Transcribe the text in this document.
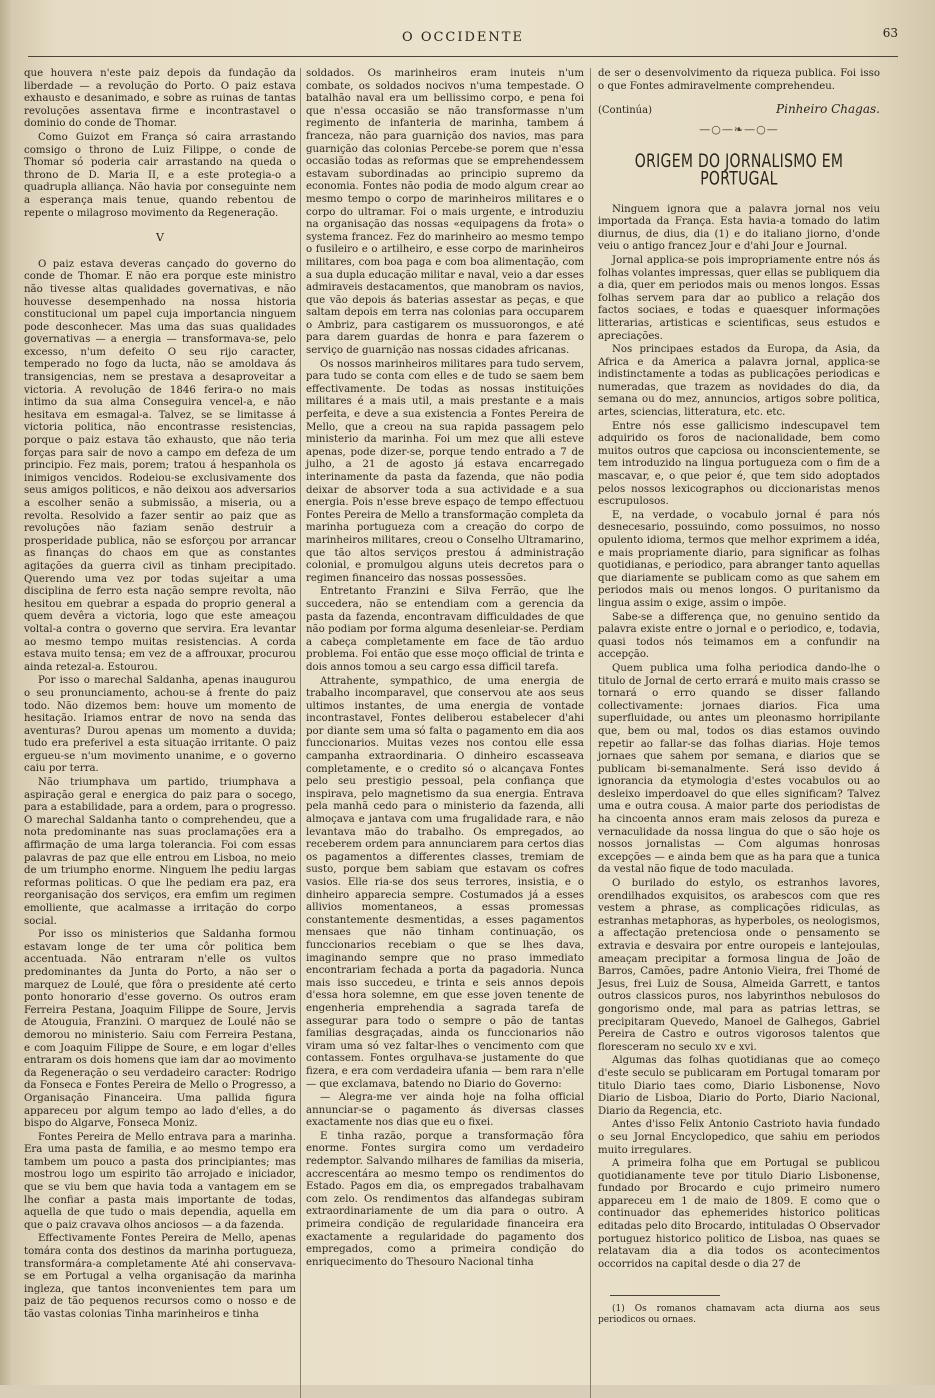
O OCCIDENTE	63

que houvera n'este paiz depois da fundação da liberdade — a revolução do Porto. O paiz estava exhausto e desanimado, e sobre as ruinas de tantas revoluções assentava firme e incontrastavel o dominio do conde de Thomar.

Como Guizot em França só caira arrastando comsigo o throno de Luiz Filippe, o conde de Thomar só poderia cair arrastando na queda o throno de D. Maria II, e a este protegia-o a quadrupla alliança. Não havia por conseguinte nem a esperança mais tenue, quando rebentou de repente o milagroso movimento da Regeneração.

V

O paiz estava deveras cançado do governo do conde de Thomar. E não era porque este ministro não tivesse altas qualidades governativas, e não houvesse desempenhado na nossa historia constitucional um papel cuja importancia ninguem pode desconhecer. Mas uma das suas qualidades governativas — a energia — transformava-se, pelo excesso, n'um defeito O seu rijo caracter, temperado no fogo da lucta, não se amoldava ás transigencias, nem se prestava a desaproveitar a victoria. A revolução de 1846 ferira-o no mais intimo da sua alma Conseguira vencel-a, e não hesitava em esmagal-a. Talvez, se se limitasse á victoria politica, não encontrasse resistencias, porque o paiz estava tão exhausto, que não teria forças para sair de novo a campo em defeza de um principio. Fez mais, porem; tratou á hespanhola os inimigos vencidos. Rodeiou-se exclusivamente dos seus amigos politicos, e não deixou aos adversarios a escolher senão a submissão, a miseria, ou a revolta. Resolvido a fazer sentir ao paiz que as revoluções não faziam senão destruir a prosperidade publica, não se esforçou por arrancar as finanças do chaos em que as constantes agitações da guerra civil as tinham precipitado. Querendo uma vez por todas sujeitar a uma disciplina de ferro esta nação sempre revolta, não hesitou em quebrar a espada do proprio general a quem devêra a victoria, logo que este ameaçou voltal-a contra o governo que servira. Era levantar ao mesmo tempo muitas resistencias. A corda estava muito tensa; em vez de a affrouxar, procurou ainda retezal-a. Estourou.

Por isso o marechal Saldanha, apenas inaugurou o seu pronunciamento, achou-se á frente do paiz todo. Não dizemos bem: houve um momento de hesitação. Iriamos entrar de novo na senda das aventuras? Durou apenas um momento a duvida; tudo era preferivel a esta situação irritante. O paiz ergueu-se n'um movimento unanime, e o governo caiu por terra.

Não triumphava um partido, triumphava a aspiração geral e energica do paiz para o socego, para a estabilidade, para a ordem, para o progresso. O marechal Saldanha tanto o comprehendeu, que a nota predominante nas suas proclamações era a affirmação de uma larga tolerancia. Foi com essas palavras de paz que elle entrou em Lisboa, no meio de um triumpho enorme. Ninguem lhe pediu largas reformas politicas. O que lhe pediam era paz, era reorganisação dos serviços, era emfim um regimen emolliente, que acalmasse a irritação do corpo social.

Por isso os ministerios que Saldanha formou estavam longe de ter uma côr politica bem accentuada. Não entraram n'elle os vultos predominantes da Junta do Porto, a não ser o marquez de Loulé, que fôra o presidente até certo ponto honorario d'esse governo. Os outros eram Ferreira Pestana, Joaquim Filippe de Soure, Jervis de Atouguia, Franzini. O marquez de Loulé não se demorou no ministerio. Saiu com Ferreira Pestana, e com Joaquim Filippe de Soure, e em logar d'elles entraram os dois homens que iam dar ao movimento da Regeneração o seu verdadeiro caracter: Rodrigo da Fonseca e Fontes Pereira de Mello o Progresso, a Organisação Financeira. Uma pallida figura appareceu por algum tempo ao lado d'elles, a do bispo do Algarve, Fonseca Moniz.

Fontes Pereira de Mello entrava para a marinha. Era uma pasta de familia, e ao mesmo tempo era tambem um pouco a pasta dos principiantes; mas mostrou logo um espirito tão arrojado e iniciador, que se viu bem que havia toda a vantagem em se lhe confiar a pasta mais importante de todas, aquella de que tudo o mais dependia, aquella em que o paiz cravava olhos anciosos — a da fazenda.

Effectivamente Fontes Pereira de Mello, apenas tomára conta dos destinos da marinha portugueza, transformára-a completamente Até ahi conservava-se em Portugal a velha organisação da marinha ingleza, que tantos inconvenientes tem para um paiz de tão pequenos recursos como o nosso e de tão vastas colonias Tinha marinheiros e tinha

soldados. Os marinheiros eram inuteis n'um combate, os soldados nocivos n'uma tempestade. O batalhão naval era um bellissimo corpo, e pena foi que n'essa occasião se não transformasse n'um regimento de infanteria de marinha, tambem á franceza, não para guarnição dos navios, mas para guarnição das colonias Percebe-se porem que n'essa occasião todas as reformas que se emprehendessem estavam subordinadas ao principio supremo da economia. Fontes não podia de modo algum crear ao mesmo tempo o corpo de marinheiros militares e o corpo do ultramar. Foi o mais urgente, e introduziu na organisação das nossas «equipagens da frota» o systema francez. Fez do marinheiro ao mesmo tempo o fusileiro e o artilheiro, e esse corpo de marinheiros militares, com boa paga e com boa alimentação, com a sua dupla educação militar e naval, veio a dar esses admiraveis destacamentos, que manobram os navios, que vão depois ás baterias assestar as peças, e que saltam depois em terra nas colonias para occuparem o Ambriz, para castigarem os mussuorongos, e até para darem guardas de honra e para fazerem o serviço de guarnição nas nossas cidades africanas.

Os nossos marinheiros militares para tudo servem, para tudo se conta com elles e de tudo se saem bem effectivamente. De todas as nossas instituições militares é a mais util, a mais prestante e a mais perfeita, e deve a sua existencia a Fontes Pereira de Mello, que a creou na sua rapida passagem pelo ministerio da marinha. Foi um mez que alli esteve apenas, pode dizer-se, porque tendo entrado a 7 de julho, a 21 de agosto já estava encarregado interinamente da pasta da fazenda, que não podia deixar de absorver toda a sua actividade e a sua energia. Pois n'esse breve espaço de tempo effectuou Fontes Pereira de Mello a transformação completa da marinha portugueza com a creação do corpo de marinheiros militares, creou o Conselho Ultramarino, que tão altos serviços prestou á administração colonial, e promulgou alguns uteis decretos para o regimen financeiro das nossas possessões.

Entretanto Franzini e Silva Ferrão, que lhe succedera, não se entendiam com a gerencia da pasta da fazenda, encontravam difficuldades de que não podiam por forma alguma desenleiar-se. Perdiam a cabeça completamente em face de tão arduo problema. Foi então que esse moço official de trinta e dois annos tomou a seu cargo essa difficil tarefa.

Attrahente, sympathico, de uma energia de trabalho incomparavel, que conservou ate aos seus ultimos instantes, de uma energia de vontade incontrastavel, Fontes deliberou estabelecer d'ahi por diante sem uma só falta o pagamento em dia aos funccionarios. Muitas vezes nos contou elle essa campanha extraordinaria. O dinheiro escasseava completamente, e o credito só o alcançava Fontes pelo seu prestigio pessoal, pela confiança que inspirava, pelo magnetismo da sua energia. Entrava pela manhã cedo para o ministerio da fazenda, alli almoçava e jantava com uma frugalidade rara, e não levantava mão do trabalho. Os empregados, ao receberem ordem para annunciarem para certos dias os pagamentos a differentes classes, tremiam de susto, porque bem sabiam que estavam os cofres vasios. Elle ria-se dos seus terrores, insistia, e o dinheiro apparecia sempre. Costumados já a esses allivios momentaneos, a essas promessas constantemente desmentidas, a esses pagamentos mensaes que não tinham continuação, os funccionarios recebiam o que se lhes dava, imaginando sempre que no praso immediato encontrariam fechada a porta da pagadoria. Nunca mais isso succedeu, e trinta e seis annos depois d'essa hora solemne, em que esse joven tenente de engenheria emprehendia a sagrada tarefa de assegurar para todo o sempre o pão de tantas familias desgraçadas, ainda os funccionarios não viram uma só vez faltar-lhes o vencimento com que contassem. Fontes orgulhava-se justamente do que fizera, e era com verdadeira ufania — bem rara n'elle — que exclamava, batendo no Diario do Governo:

— Alegra-me ver ainda hoje na folha official annunciar-se o pagamento ás diversas classes exactamente nos dias que eu o fixei.

E tinha razão, porque a transformação fôra enorme. Fontes surgira como um verdadeiro redemptor. Salvando milhares de familias da miseria, accrescentára ao mesmo tempo os rendimentos do Estado. Pagos em dia, os empregados trabalhavam com zelo. Os rendimentos das alfandegas subiram extraordinariamente de um dia para o outro. A primeira condição de regularidade financeira era exactamente a regularidade do pagamento dos empregados, como a primeira condição do enriquecimento do Thesouro Nacional tinha

de ser o desenvolvimento da riqueza publica. Foi isso o que Fontes admiravelmente comprehendeu.

(Continúa)	Pinheiro Chagas.
—○—❧—○—
ORIGEM DO JORNALISMO EM PORTUGAL

Ninguem ignora que a palavra jornal nos veiu importada da França. Esta havia-a tomado do latim diurnus, de dius, dia (1) e do italiano jiorno, d'onde veiu o antigo francez Jour e d'ahi Jour e Journal.

Jornal applica-se pois impropriamente entre nós ás folhas volantes impressas, quer ellas se publiquem dia a dia, quer em periodos mais ou menos longos. Essas folhas servem para dar ao publico a relação dos factos sociaes, e todas e quaesquer informações litterarias, artisticas e scientificas, seus estudos e apreciações.

Nos principaes estados da Europa, da Asia, da Africa e da America a palavra jornal, applica-se indistinctamente a todas as publicações periodicas e numeradas, que trazem as novidades do dia, da semana ou do mez, annuncios, artigos sobre politica, artes, sciencias, litteratura, etc. etc.

Entre nós esse gallicismo indescupavel tem adquirido os foros de nacionalidade, bem como muitos outros que capciosa ou inconscientemente, se tem introduzido na lingua portugueza com o fim de a mascavar, e, o que peior é, que tem sido adoptados pelos nossos lexicographos ou diccionaristas menos escrupulosos.

E, na verdade, o vocabulo jornal é para nós desnecesario, possuindo, como possuimos, no nosso opulento idioma, termos que melhor exprimem a idéa, e mais propriamente diario, para significar as folhas quotidianas, e periodico, para abranger tanto aquellas que diariamente se publicam como as que sahem em periodos mais ou menos longos. O puritanismo da lingua assim o exige, assim o impõe.

Sabe-se a differença que, no genuino sentido da palavra existe entre o jornal e o periodico, e, todavia, quasi todos nós teimamos em a confundir na accepção.

Quem publica uma folha periodica dando-lhe o titulo de Jornal de certo errará e muito mais crasso se tornará o erro quando se disser fallando collectivamente: jornaes diarios. Fica uma superfluidade, ou antes um pleonasmo horripilante que, bem ou mal, todos os dias estamos ouvindo repetir ao fallar-se das folhas diarias. Hoje temos jornaes que sahem por semana, e diarios que se publicam bi-semanalmente. Será isso devido á ignorancia da etymologia d'estes vocabulos ou ao desleixo imperdoavel do que elles significam? Talvez uma e outra cousa. A maior parte dos periodistas de ha cincoenta annos eram mais zelosos da pureza e vernaculidade da nossa lingua do que o são hoje os nossos jornalistas — Com algumas honrosas excepções — e ainda bem que as ha para que a tunica da vestal não fique de todo maculada.

O burilado do estylo, os estranhos lavores, orendilhados exquisitos, os arabescos com que res vestem a phrase, as complicações ridiculas, as estranhas metaphoras, as hyperboles, os neologismos, a affectação pretenciosa onde o pensamento se extravia e desvaira por entre ouropeis e lantejoulas, ameaçam precipitar a formosa lingua de João de Barros, Camões, padre Antonio Vieira, frei Thomé de Jesus, frei Luiz de Sousa, Almeida Garrett, e tantos outros classicos puros, nos labyrinthos nebulosos do gongorismo onde, mal para as patrias lettras, se precipitaram Quevedo, Manoel de Galhegos, Gabriel Pereira de Castro e outros vigorosos talentos que floresceram no seculo xv e xvi.

Algumas das folhas quotidianas que ao começo d'este seculo se publicaram em Portugal tomaram por titulo Diario taes como, Diario Lisbonense, Novo Diario de Lisboa, Diario do Porto, Diario Nacional, Diario da Regencia, etc.

Antes d'isso Felix Antonio Castrioto havia fundado o seu Jornal Encyclopedico, que sahiu em periodos muito irregulares.

A primeira folha que em Portugal se publicou quotidianamente teve por titulo Diario Lisbonense, fundado por Brocardo e cujo primeiro numero appareceu em 1 de maio de 1809. E como que o continuador das ephemerides historico politicas editadas pelo dito Brocardo, intituladas O Observador portuguez historico politico de Lisboa, nas quaes se relatavam dia a dia todos os acontecimentos occorridos na capital desde o dia 27 de

(1) Os romanos chamavam acta diurna aos seus periodicos ou ornaes.
